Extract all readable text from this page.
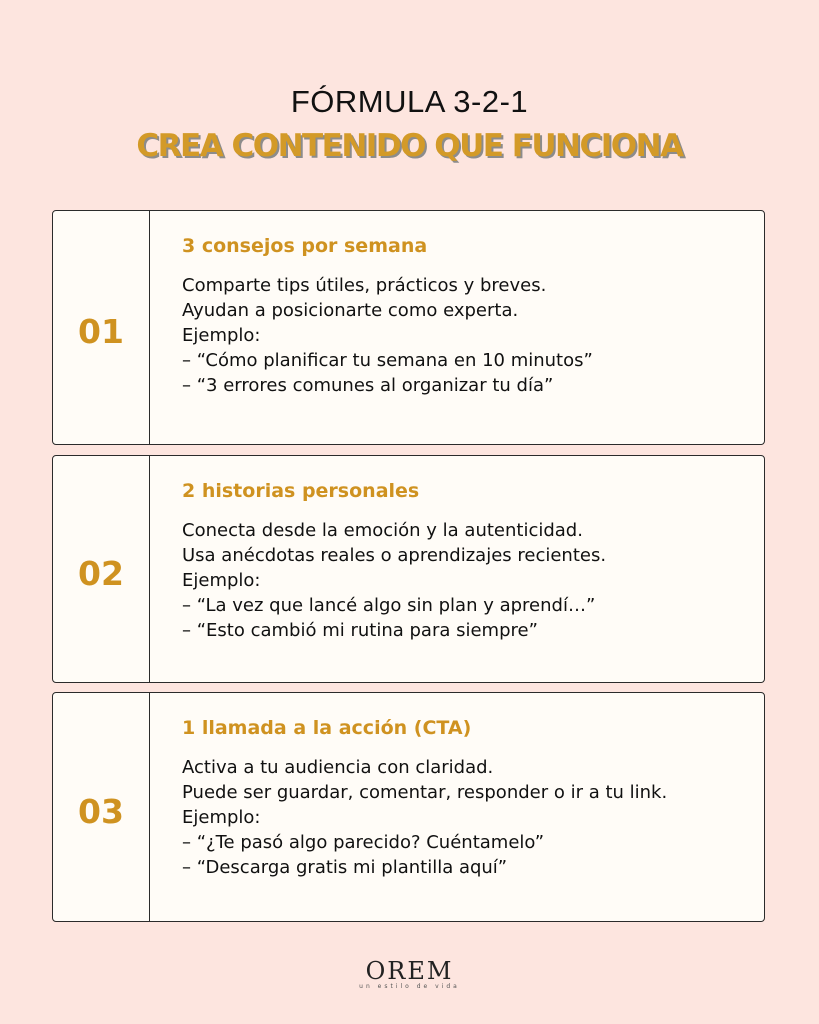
FÓRMULA 3-2-1
CREA CONTENIDO QUE FUNCIONA
01
3 consejos por semana
Comparte tips útiles, prácticos y breves.
Ayudan a posicionarte como experta.
Ejemplo:
– “Cómo planificar tu semana en 10 minutos”
– “3 errores comunes al organizar tu día”
02
2 historias personales
Conecta desde la emoción y la autenticidad.
Usa anécdotas reales o aprendizajes recientes.
Ejemplo:
– “La vez que lancé algo sin plan y aprendí…”
– “Esto cambió mi rutina para siempre”
03
1 llamada a la acción (CTA)
Activa a tu audiencia con claridad.
Puede ser guardar, comentar, responder o ir a tu link.
Ejemplo:
– “¿Te pasó algo parecido? Cuéntamelo”
– “Descarga gratis mi plantilla aquí”
OREM
un estilo de vida
